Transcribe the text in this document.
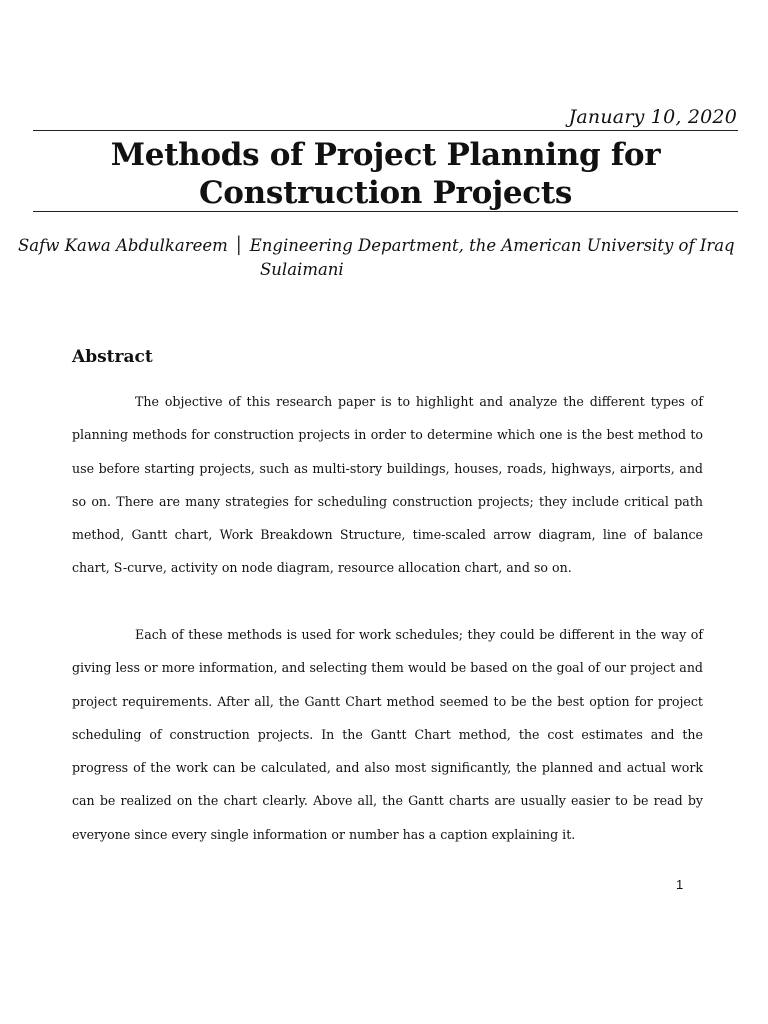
January 10, 2020
Methods of Project Planning for
Construction Projects
Safw Kawa Abdulkareem │ Engineering Department, the American University of Iraq
Sulaimani
Abstract

The objective of this research paper is to highlight and analyze the different types of planning methods for construction projects in order to determine which one is the best method to use before starting projects, such as multi-story buildings, houses, roads, highways, airports, and so on. There are many strategies for scheduling construction projects; they include critical path method, Gantt chart, Work Breakdown Structure, time-scaled arrow diagram, line of balance chart, S-curve, activity on node diagram, resource allocation chart, and so on.

Each of these methods is used for work schedules; they could be different in the way of giving less or more information, and selecting them would be based on the goal of our project and project requirements. After all, the Gantt Chart method seemed to be the best option for project scheduling of construction projects. In the Gantt Chart method, the cost estimates and the progress of the work can be calculated, and also most significantly, the planned and actual work can be realized on the chart clearly. Above all, the Gantt charts are usually easier to be read by everyone since every single information or number has a caption explaining it.

1
